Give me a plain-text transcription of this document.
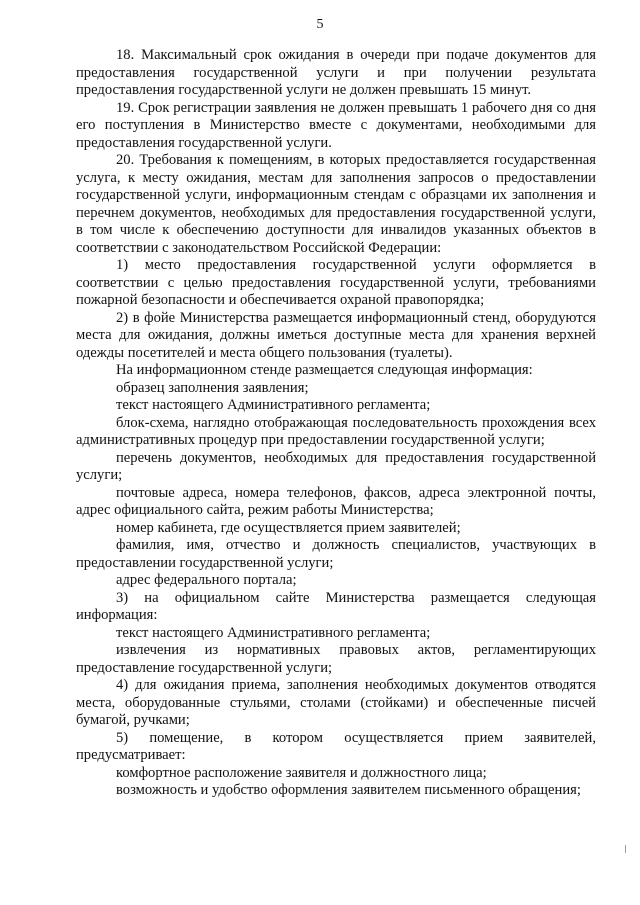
5

18. Максимальный срок ожидания в очереди при подаче документов для предоставления государственной услуги и при получении результата предоставления государственной услуги не должен превышать 15 минут.

19. Срок регистрации заявления не должен превышать 1 рабочего дня со дня его поступления в Министерство вместе с документами, необходимыми для предоставления государственной услуги.

20. Требования к помещениям, в которых предоставляется государственная услуга, к месту ожидания, местам для заполнения запросов о предоставлении государственной услуги, информационным стендам с образцами их заполнения и перечнем документов, необходимых для предоставления государственной услуги, в том числе к обеспечению доступности для инвалидов указанных объектов в соответствии с законодательством Российской Федерации:

1) место предоставления государственной услуги оформляется в соответствии с целью предоставления государственной услуги, требованиями пожарной безопасности и обеспечивается охраной правопорядка;

2) в фойе Министерства размещается информационный стенд, оборудуются места для ожидания, должны иметься доступные места для хранения верхней одежды посетителей и места общего пользования (туалеты).

На информационном стенде размещается следующая информация:

образец заполнения заявления;

текст настоящего Административного регламента;

блок-схема, наглядно отображающая последовательность прохождения всех административных процедур при предоставлении государственной услуги;

перечень документов, необходимых для предоставления государственной услуги;

почтовые адреса, номера телефонов, факсов, адреса электронной почты, адрес официального сайта, режим работы Министерства;

номер кабинета, где осуществляется прием заявителей;

фамилия, имя, отчество и должность специалистов, участвующих в предоставлении государственной услуги;

адрес федерального портала;

3) на официальном сайте Министерства размещается следующая информация:

текст настоящего Административного регламента;

извлечения из нормативных правовых актов, регламентирующих предоставление государственной услуги;

4) для ожидания приема, заполнения необходимых документов отводятся места, оборудованные стульями, столами (стойками) и обеспеченные писчей бумагой, ручками;

5) помещение, в котором осуществляется прием заявителей, предусматривает:

комфортное расположение заявителя и должностного лица;

возможность и удобство оформления заявителем письменного обращения;
